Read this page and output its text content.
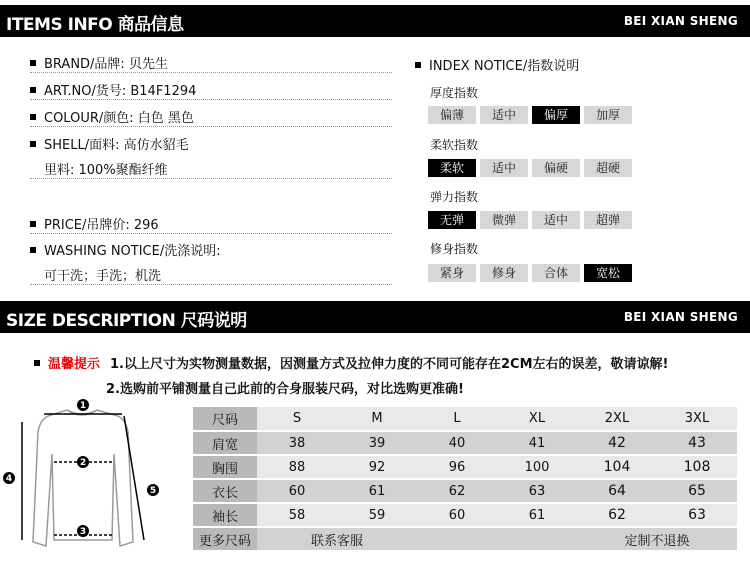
ITEMS INFO 商品信息	BEI XIAN SHENG
BRAND/品牌: 贝先生
ART.NO/货号: B14F1294
COLOUR/颜色: 白色 黑色
SHELL/面料: 高仿水貂毛
里料: 100%聚酯纤维
PRICE/吊牌价: 296
WASHING NOTICE/洗涤说明:
可干洗；手洗；机洗
INDEX NOTICE/指数说明
厚度指数
偏薄	适中	偏厚	加厚
柔软指数
柔软	适中	偏硬	超硬
弹力指数
无弹	微弹	适中	超弹
修身指数
紧身	修身	合体	宽松
SIZE DESCRIPTION 尺码说明	BEI XIAN SHENG
温馨提示 1.以上尺寸为实物测量数据，因测量方式及拉伸力度的不同可能存在2CM左右的误差，敬请谅解!
2.选购前平铺测量自己此前的合身服装尺码，对比选购更准确!
1
2
3
4
5
尺码	S	M	L	XL	2XL	3XL
肩宽	38	39	40	41	42	43
胸围	88	92	96	100	104	108
衣长	60	61	62	63	64	65
袖长	58	59	60	61	62	63
更多尺码	联系客服				定制不退换	
